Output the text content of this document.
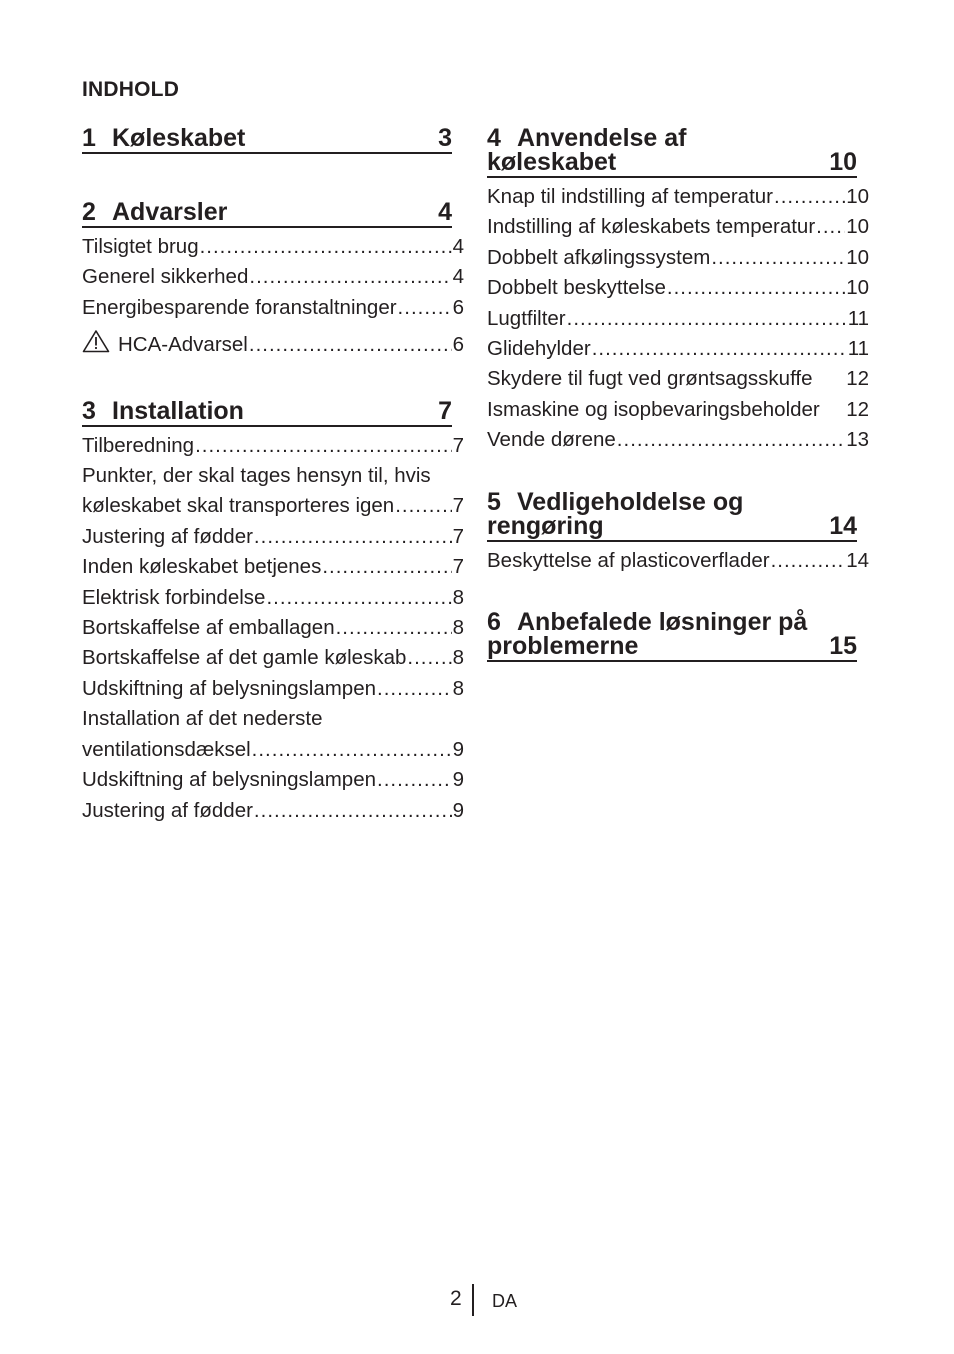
INDHOLD
1 Køleskabet	3
2 Advarsler	4
Tilsigtet brug .....	4
Generel sikkerhed .....	4
Energibesparende foranstaltninger .....	6
HCA-Advarsel .....	6
3 Installation	7
Tilberedning .....	7
Punkter, der skal tages hensyn til, hvis
køleskabet skal transporteres igen .....	7
Justering af fødder .....	7
Inden køleskabet betjenes .....	7
Elektrisk forbindelse .....	8
Bortskaffelse af emballagen .....	8
Bortskaffelse af det gamle køleskab ..... 8
Udskiftning af belysningslampen .....	8
Installation af det nederste
ventilationsdæksel .....	9
Udskiftning af belysningslampen .....	9
Justering af fødder .....	9
4 Anvendelse af
køleskabet	10
Knap til indstilling af temperatur .....	10
Indstilling af køleskabets temperatur ..... 10
Dobbelt afkølingssystem .....	10
Dobbelt beskyttelse .....	10
Lugtfilter .....	11
Glidehylder .....	11
Skydere til fugt ved grøntsagsskuffe 12
Ismaskine og isopbevaringsbeholder 12
Vende dørene .....	13
5 Vedligeholdelse og
rengøring	14
Beskyttelse af plasticoverflader .....	14
6 Anbefalede løsninger på
problemerne	15
2 DA
